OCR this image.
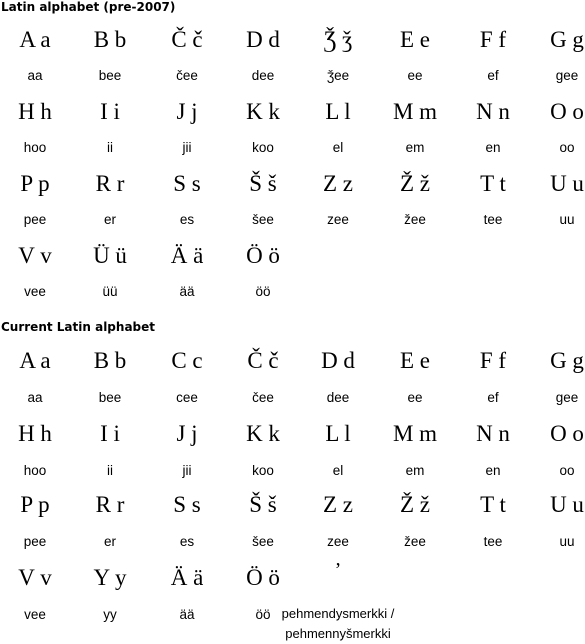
Latin alphabet (pre-2007)
A a
aa
B b
bee
Č č
čee
D d
dee
Ǯ ǯ
ǯee
E e
ee
F f
ef
G g
gee
H h
hoo
I i
ii
J j
jii
K k
koo
L l
el
M m
em
N n
en
O o
oo
P p
pee
R r
er
S s
es
Š š
šee
Z z
zee
Ž ž
žee
T t
tee
U u
uu
V v
vee
Ü ü
üü
Ä ä
ää
Ö ö
öö
Current Latin alphabet
A a
aa
B b
bee
C c
cee
Č č
čee
D d
dee
E e
ee
F f
ef
G g
gee
H h
hoo
I i
ii
J j
jii
K k
koo
L l
el
M m
em
N n
en
O o
oo
P p
pee
R r
er
S s
es
Š š
šee
Z z
zee
Ž ž
žee
T t
tee
U u
uu
V v
vee
Y y
yy
Ä ä
ää
Ö ö
öö
’
pehmendysmerkki / pehmennyšmerkki
